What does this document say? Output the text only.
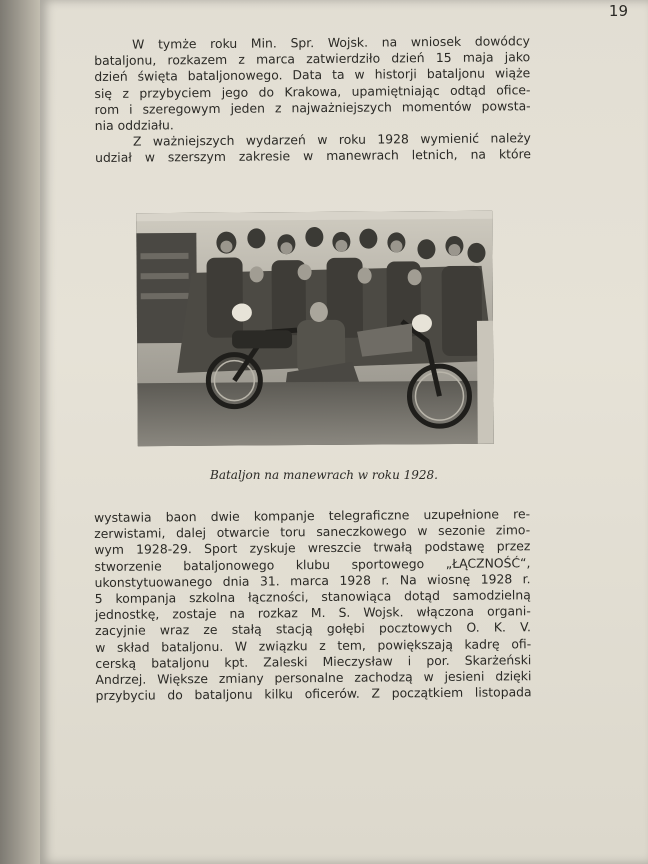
19
W tymże roku Min. Spr. Wojsk. na wniosek dowódcy
bataljonu, rozkazem z marca zatwierdziło dzień 15 maja jako
dzień święta bataljonowego. Data ta w historji bataljonu wiąże
się z przybyciem jego do Krakowa, upamiętniając odtąd ofice-
rom i szeregowym jeden z najważniejszych momentów powsta-
nia oddziału.
Z ważniejszych wydarzeń w roku 1928 wymienić należy
udział w szerszym zakresie w manewrach letnich, na które
Bataljon na manewrach w roku 1928.
wystawia baon dwie kompanje telegraficzne uzupełnione re-
zerwistami, dalej otwarcie toru saneczkowego w sezonie zimo-
wym 1928-29. Sport zyskuje wreszcie trwałą podstawę przez
stworzenie bataljonowego klubu sportowego „ŁĄCZNOŚĆ“,
ukonstytuowanego dnia 31. marca 1928 r. Na wiosnę 1928 r.
5 kompanja szkolna łączności, stanowiąca dotąd samodzielną
jednostkę, zostaje na rozkaz M. S. Wojsk. włączona organi-
zacyjnie wraz ze stałą stacją gołębi pocztowych O. K. V.
w skład bataljonu. W związku z tem, powiększają kadrę ofi-
cerską bataljonu kpt. Zaleski Mieczysław i por. Skarżeński
Andrzej. Większe zmiany personalne zachodzą w jesieni dzięki
przybyciu do bataljonu kilku oficerów. Z początkiem listopada
